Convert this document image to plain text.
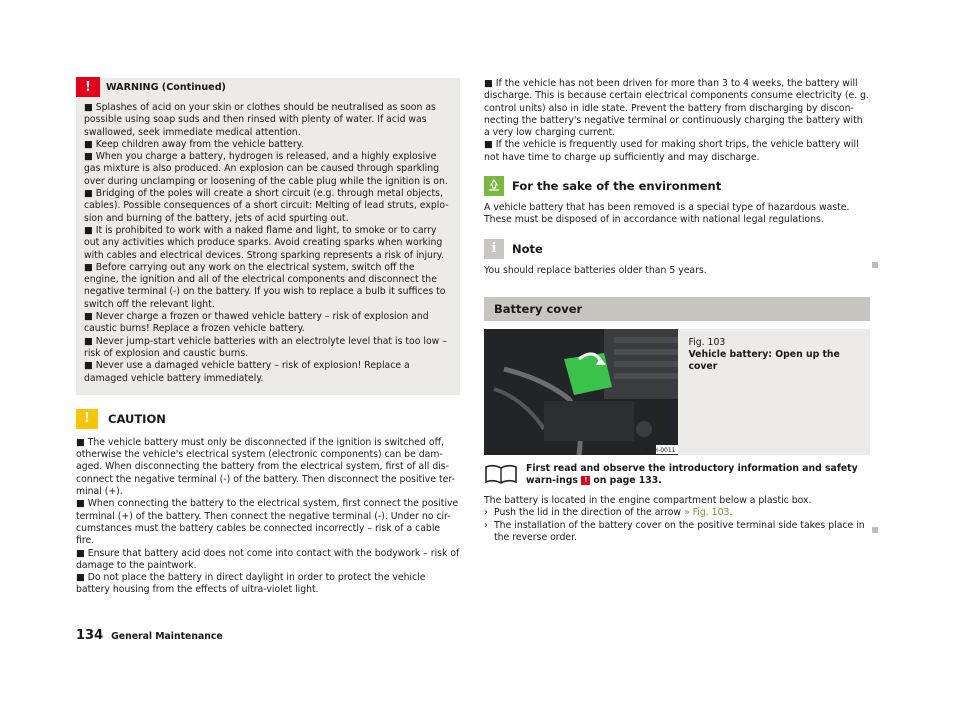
!	WARNING (Continued)
■ Splashes of acid on your skin or clothes should be neutralised as soon as possible using soap suds and then rinsed with plenty of water. If acid was swallowed, seek immediate medical attention.
■ Keep children away from the vehicle battery.
■ When you charge a battery, hydrogen is released, and a highly explosive gas mixture is also produced. An explosion can be caused through sparkling over during unclamping or loosening of the cable plug while the ignition is on.
■ Bridging of the poles will create a short circuit (e.g. through metal objects, cables). Possible consequences of a short circuit: Melting of lead struts, explo-sion and burning of the battery, jets of acid spurting out.
■ It is prohibited to work with a naked flame and light, to smoke or to carry out any activities which produce sparks. Avoid creating sparks when working with cables and electrical devices. Strong sparking represents a risk of injury.
■ Before carrying out any work on the electrical system, switch off the engine, the ignition and all of the electrical components and disconnect the negative terminal (-) on the battery. If you wish to replace a bulb it suffices to switch off the relevant light.
■ Never charge a frozen or thawed vehicle battery – risk of explosion and caustic burns! Replace a frozen vehicle battery.
■ Never jump-start vehicle batteries with an electrolyte level that is too low – risk of explosion and caustic burns.
■ Never use a damaged vehicle battery – risk of explosion! Replace a damaged vehicle battery immediately.
!	CAUTION
■ The vehicle battery must only be disconnected if the ignition is switched off, otherwise the vehicle's electrical system (electronic components) can be dam-aged. When disconnecting the battery from the electrical system, first of all dis-connect the negative terminal (-) of the battery. Then disconnect the positive ter-minal (+).
■ When connecting the battery to the electrical system, first connect the positive terminal (+) of the battery. Then connect the negative terminal (-). Under no cir-cumstances must the battery cables be connected incorrectly – risk of a cable fire.
■ Ensure that battery acid does not come into contact with the bodywork – risk of damage to the paintwork.
■ Do not place the battery in direct daylight in order to protect the vehicle battery housing from the effects of ultra-violet light.
■ If the vehicle has not been driven for more than 3 to 4 weeks, the battery will discharge. This is because certain electrical components consume electricity (e. g. control units) also in idle state. Prevent the battery from discharging by discon-necting the battery's negative terminal or continuously charging the battery with a very low charging current.
■ If the vehicle is frequently used for making short trips, the vehicle battery will not have time to charge up sufficiently and may discharge.
For the sake of the environment
A vehicle battery that has been removed is a special type of hazardous waste. These must be disposed of in accordance with national legal regulations.
i	Note
You should replace batteries older than 5 years.
Battery cover
BNH-0011
Fig. 103
Vehicle battery: Open up the cover
First read and observe the introductory information and safety warn-ings ! on page 133.
The battery is located in the engine compartment below a plastic box.
› Push the lid in the direction of the arrow » Fig. 103.
› The installation of the battery cover on the positive terminal side takes place in the reverse order.
134 General Maintenance
